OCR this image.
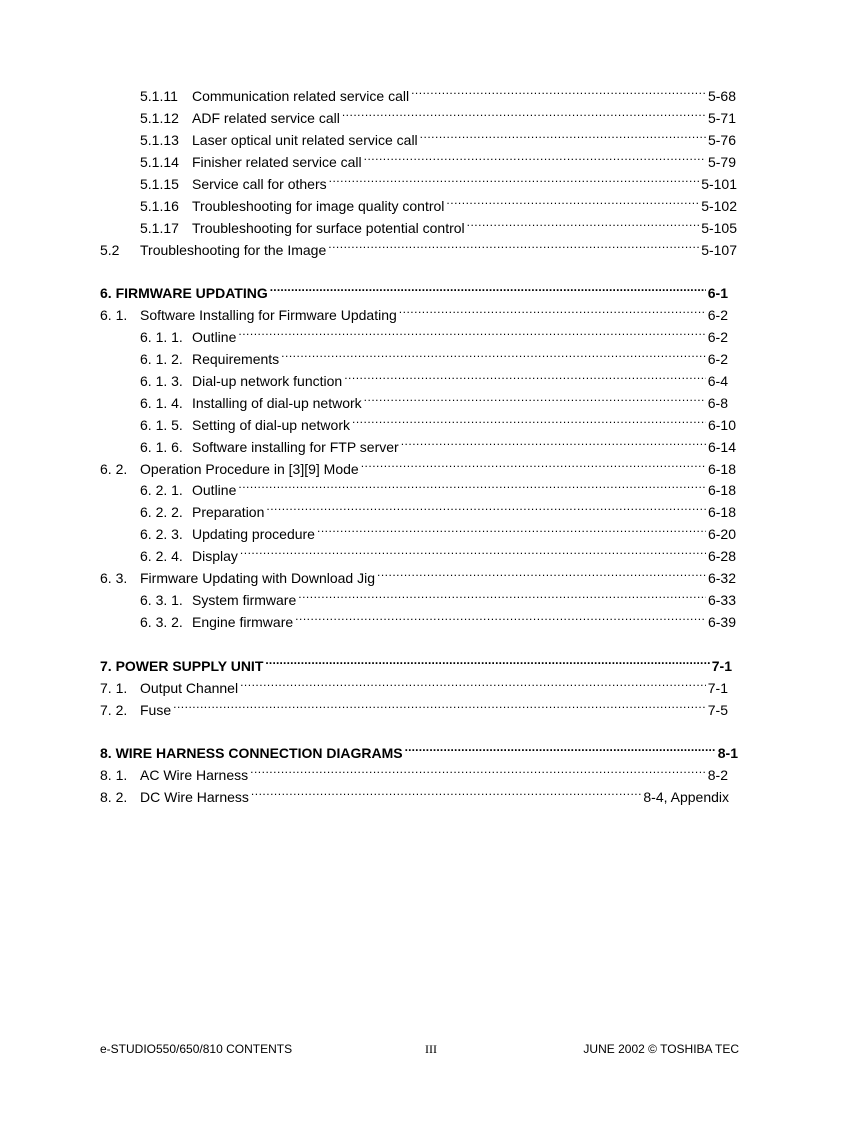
5.1.11	Communication related service call .....	5-68
5.1.12 ADF related service call .....	5-71
5.1.13 Laser optical unit related service call .....	5-76
5.1.14 Finisher related service call .....	5-79
5.1.15 Service call for others .....	5-101
5.1.16 Troubleshooting for image quality control .....	5-102
5.1.17 Troubleshooting for surface potential control .....	5-105
5.2	Troubleshooting for the Image .....	5-107
6. FIRMWARE UPDATING .....	6-1
6. 1. Software Installing for Firmware Updating .....	6-2
6. 1. 1. Outline .....	6-2
6. 1. 2. Requirements .....	6-2
6. 1. 3. Dial-up network function .....	6-4
6. 1. 4. Installing of dial-up network .....	6-8
6. 1. 5. Setting of dial-up network .....	6-10
6. 1. 6. Software installing for FTP server .....	6-14
6. 2. Operation Procedure in [3][9] Mode .....	6-18
6. 2. 1. Outline .....	6-18
6. 2. 2. Preparation .....	6-18
6. 2. 3. Updating procedure .....	6-20
6. 2. 4. Display .....	6-28
6. 3. Firmware Updating with Download Jig .....	6-32
6. 3. 1. System firmware .....	6-33
6. 3. 2. Engine firmware .....	6-39
7. POWER SUPPLY UNIT .....	7-1
7. 1. Output Channel .....	7-1
7. 2. Fuse .....	7-5
8. WIRE HARNESS CONNECTION DIAGRAMS .....	8-1
8. 1. AC Wire Harness .....	8-2
8. 2. DC Wire Harness .....	8-4, Appendix
e-STUDIO550/650/810 CONTENTS	III	JUNE 2002 © TOSHIBA TEC
